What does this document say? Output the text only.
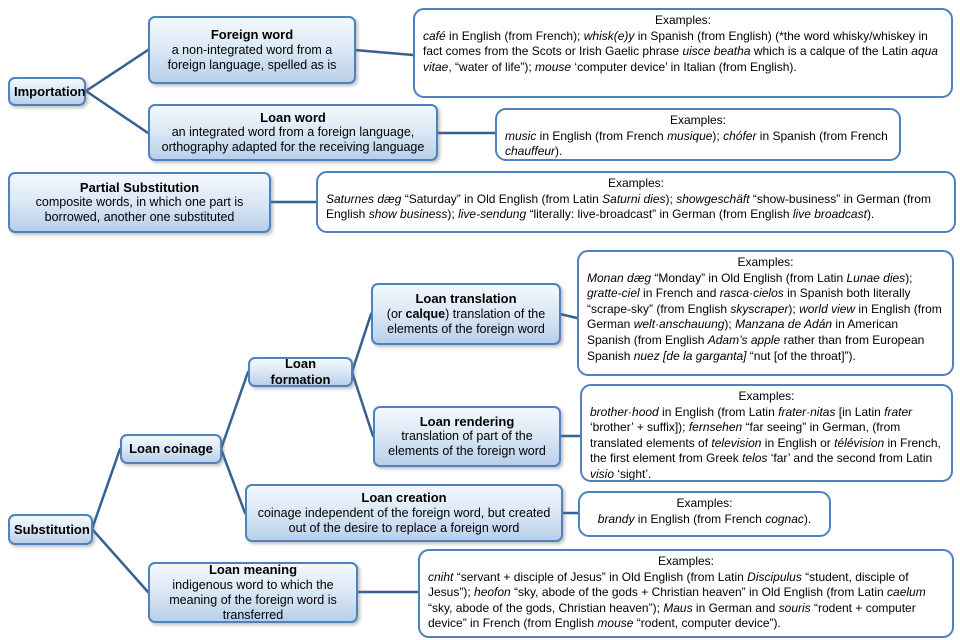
Importation
Foreign word
a non-integrated word from a foreign language, spelled as is
Examples:
café in English (from French); whisk(e)y in Spanish (from English) (*the word whisky/whiskey in fact comes from the Scots or Irish Gaelic phrase uisce beatha which is a calque of the Latin aqua vitae, “water of life”); mouse ‘computer device’ in Italian (from English).
Loan word
an integrated word from a foreign language, orthography adapted for the receiving language
Examples:
music in English (from French musique); chófer in Spanish (from French chauffeur).
Partial Substitution
composite words, in which one part is borrowed, another one substituted
Examples:
Saturnes dæg “Saturday” in Old English (from Latin Saturni dies); showgeschäft “show-business” in German (from English show business); live-sendung “literally: live-broadcast” in German (from English live broadcast).
Substitution
Loan coinage
Loan formation
Loan translation
(or calque) translation of the elements of the foreign word
Examples:
Monan dæg “Monday” in Old English (from Latin Lunae dies); gratte-ciel in French and rasca·cielos in Spanish both literally “scrape-sky” (from English skyscraper); world view in English (from German welt·anschauung); Manzana de Adán in American Spanish (from English Adam’s apple rather than from European Spanish nuez [de la garganta] “nut [of the throat]”).
Loan rendering
translation of part of the elements of the foreign word
Examples:
brother·hood in English (from Latin frater·nitas [in Latin frater ‘brother’ + suffix]); fernsehen “far seeing” in German, (from translated elements of television in English or télévision in French, the first element from Greek telos ‘far’ and the second from Latin visio ‘sight’.
Loan creation
coinage independent of the foreign word, but created out of the desire to replace a foreign word
Examples:
brandy in English (from French cognac).
Loan meaning
indigenous word to which the meaning of the foreign word is transferred
Examples:
cniht “servant + disciple of Jesus” in Old English (from Latin Discipulus “student, disciple of Jesus”); heofon “sky, abode of the gods + Christian heaven” in Old English (from Latin caelum “sky, abode of the gods, Christian heaven”); Maus in German and souris “rodent + computer device” in French (from English mouse “rodent, computer device”).
